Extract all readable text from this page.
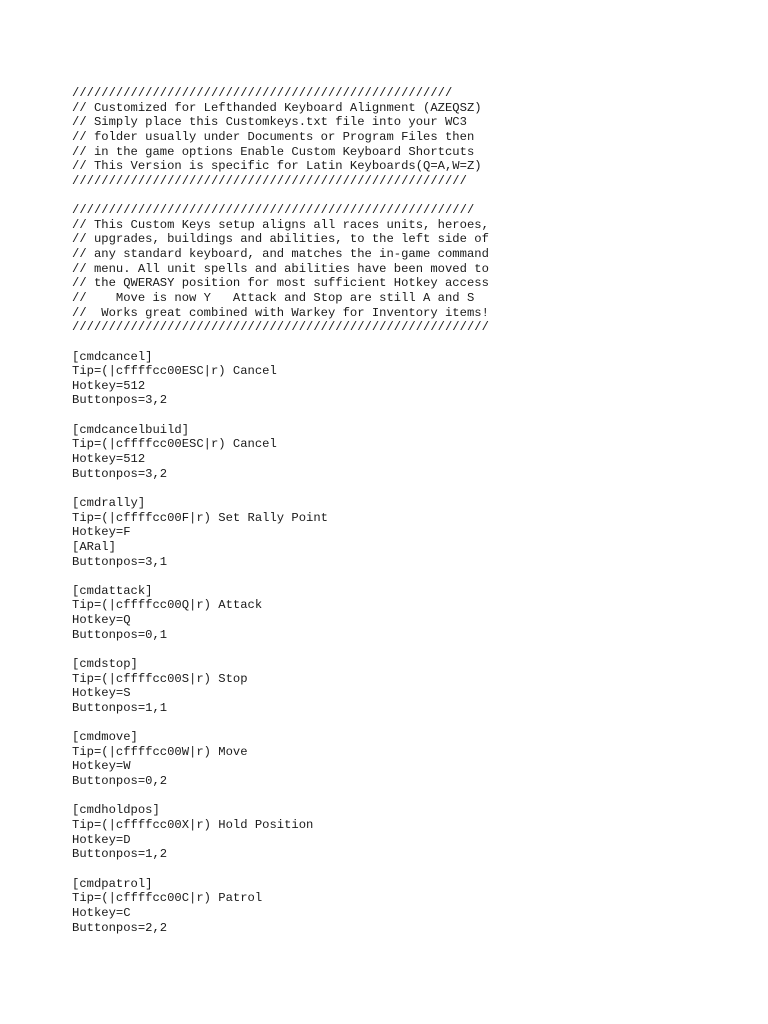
////////////////////////////////////////////////////
// Customized for Lefthanded Keyboard Alignment (AZEQSZ)
// Simply place this Customkeys.txt file into your WC3
// folder usually under Documents or Program Files then
// in the game options Enable Custom Keyboard Shortcuts
// This Version is specific for Latin Keyboards(Q=A,W=Z)
//////////////////////////////////////////////////////
///////////////////////////////////////////////////////
// This Custom Keys setup aligns all races units, heroes,
// upgrades, buildings and abilities, to the left side of
// any standard keyboard, and matches the in-game command
// menu. All unit spells and abilities have been moved to
// the QWERASY position for most sufficient Hotkey access
//    Move is now Y   Attack and Stop are still A and S
//  Works great combined with Warkey for Inventory items!
/////////////////////////////////////////////////////////
[cmdcancel]
Tip=(|cffffcc00ESC|r) Cancel
Hotkey=512
Buttonpos=3,2
[cmdcancelbuild]
Tip=(|cffffcc00ESC|r) Cancel
Hotkey=512
Buttonpos=3,2
[cmdrally]
Tip=(|cffffcc00F|r) Set Rally Point
Hotkey=F
[ARal]
Buttonpos=3,1
[cmdattack]
Tip=(|cffffcc00Q|r) Attack
Hotkey=Q
Buttonpos=0,1
[cmdstop]
Tip=(|cffffcc00S|r) Stop
Hotkey=S
Buttonpos=1,1
[cmdmove]
Tip=(|cffffcc00W|r) Move
Hotkey=W
Buttonpos=0,2
[cmdholdpos]
Tip=(|cffffcc00X|r) Hold Position
Hotkey=D
Buttonpos=1,2
[cmdpatrol]
Tip=(|cffffcc00C|r) Patrol
Hotkey=C
Buttonpos=2,2
